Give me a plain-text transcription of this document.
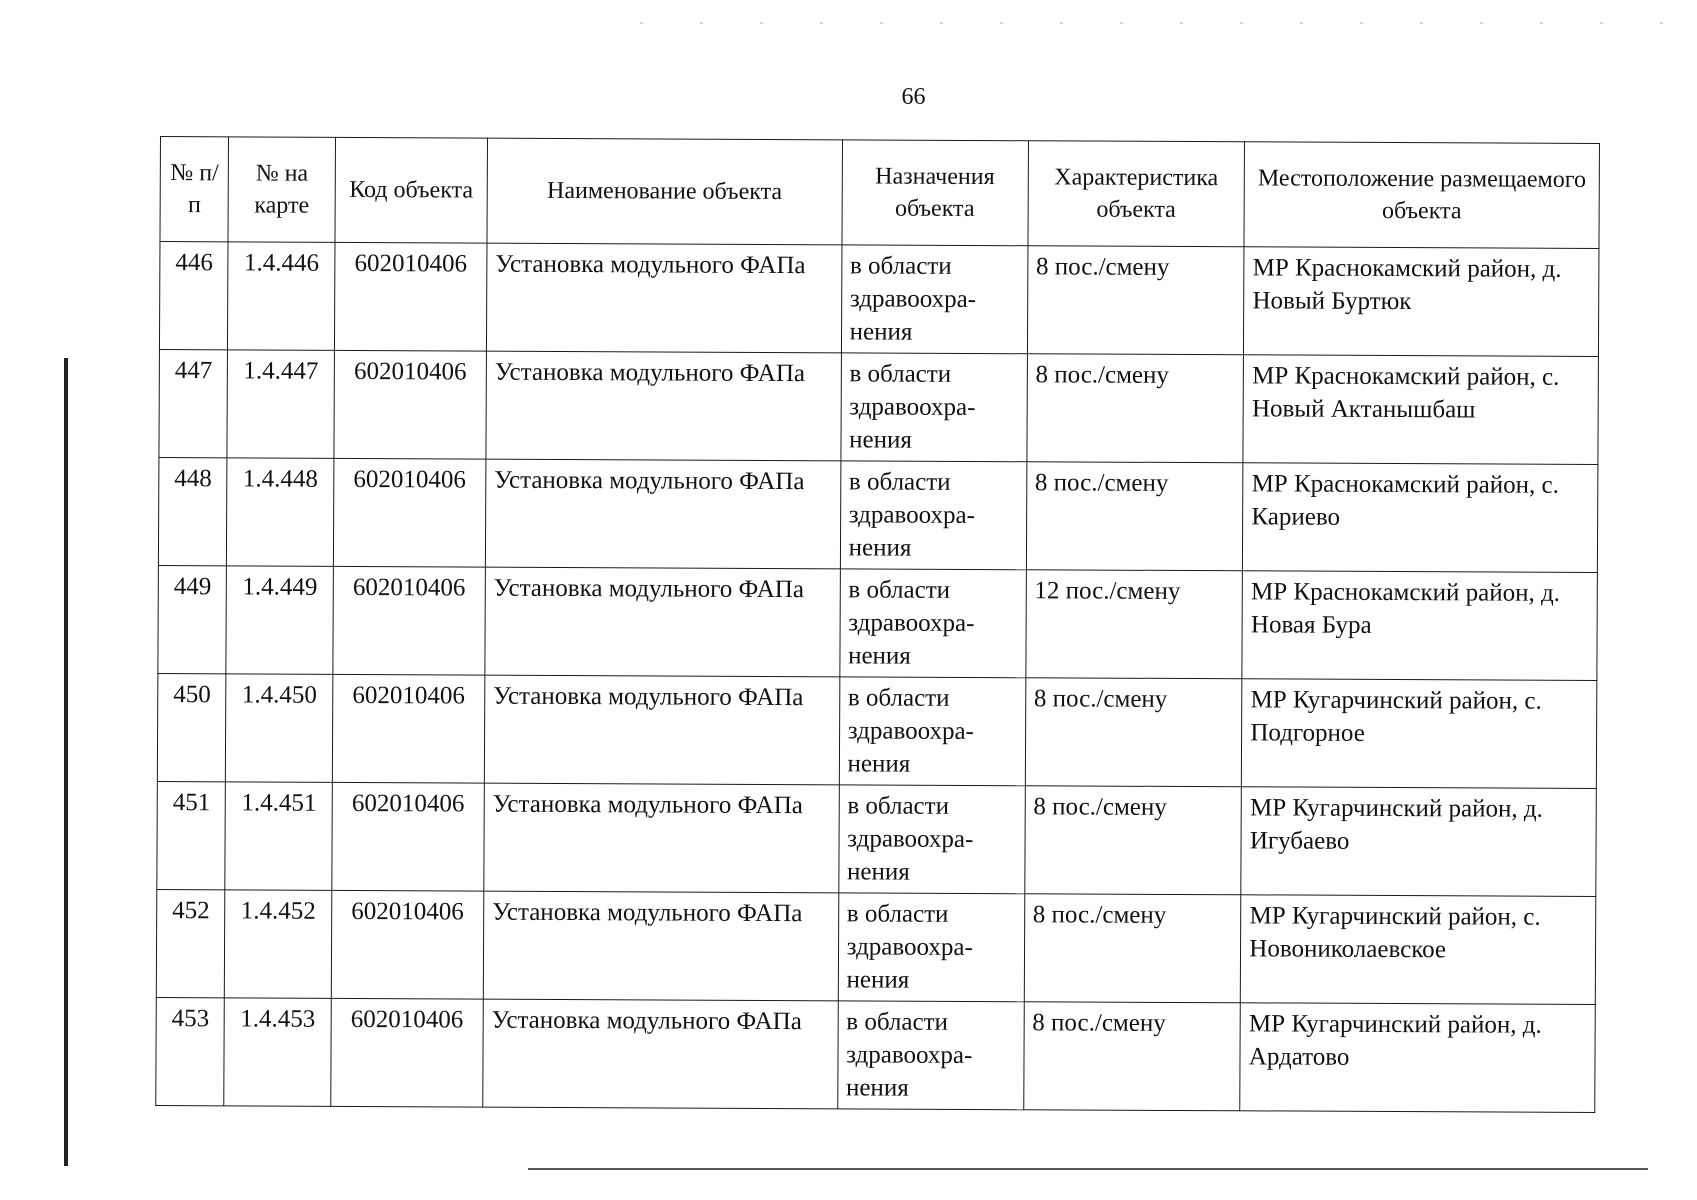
66
№ п/п	№ на карте	Код объекта	Наименование объекта	Назначения объекта	Характеристика объекта	Местоположение размещаемого объекта
446	1.4.446	602010406	Установка модульного ФАПа	в области здравоохра-нения	8 пос./смену	МР Краснокамский район, д. Новый Буртюк
447	1.4.447	602010406	Установка модульного ФАПа	в области здравоохра-нения	8 пос./смену	МР Краснокамский район, с. Новый Актанышбаш
448	1.4.448	602010406	Установка модульного ФАПа	в области здравоохра-нения	8 пос./смену	МР Краснокамский район, с. Кариево
449	1.4.449	602010406	Установка модульного ФАПа	в области здравоохра-нения	12 пос./смену	МР Краснокамский район, д. Новая Бура
450	1.4.450	602010406	Установка модульного ФАПа	в области здравоохра-нения	8 пос./смену	МР Кугарчинский район, с. Подгорное
451	1.4.451	602010406	Установка модульного ФАПа	в области здравоохра-нения	8 пос./смену	МР Кугарчинский район, д. Игубаево
452	1.4.452	602010406	Установка модульного ФАПа	в области здравоохра-нения	8 пос./смену	МР Кугарчинский район, с. Новониколаевское
453	1.4.453	602010406	Установка модульного ФАПа	в области здравоохра-нения	8 пос./смену	МР Кугарчинский район, д. Ардатово
